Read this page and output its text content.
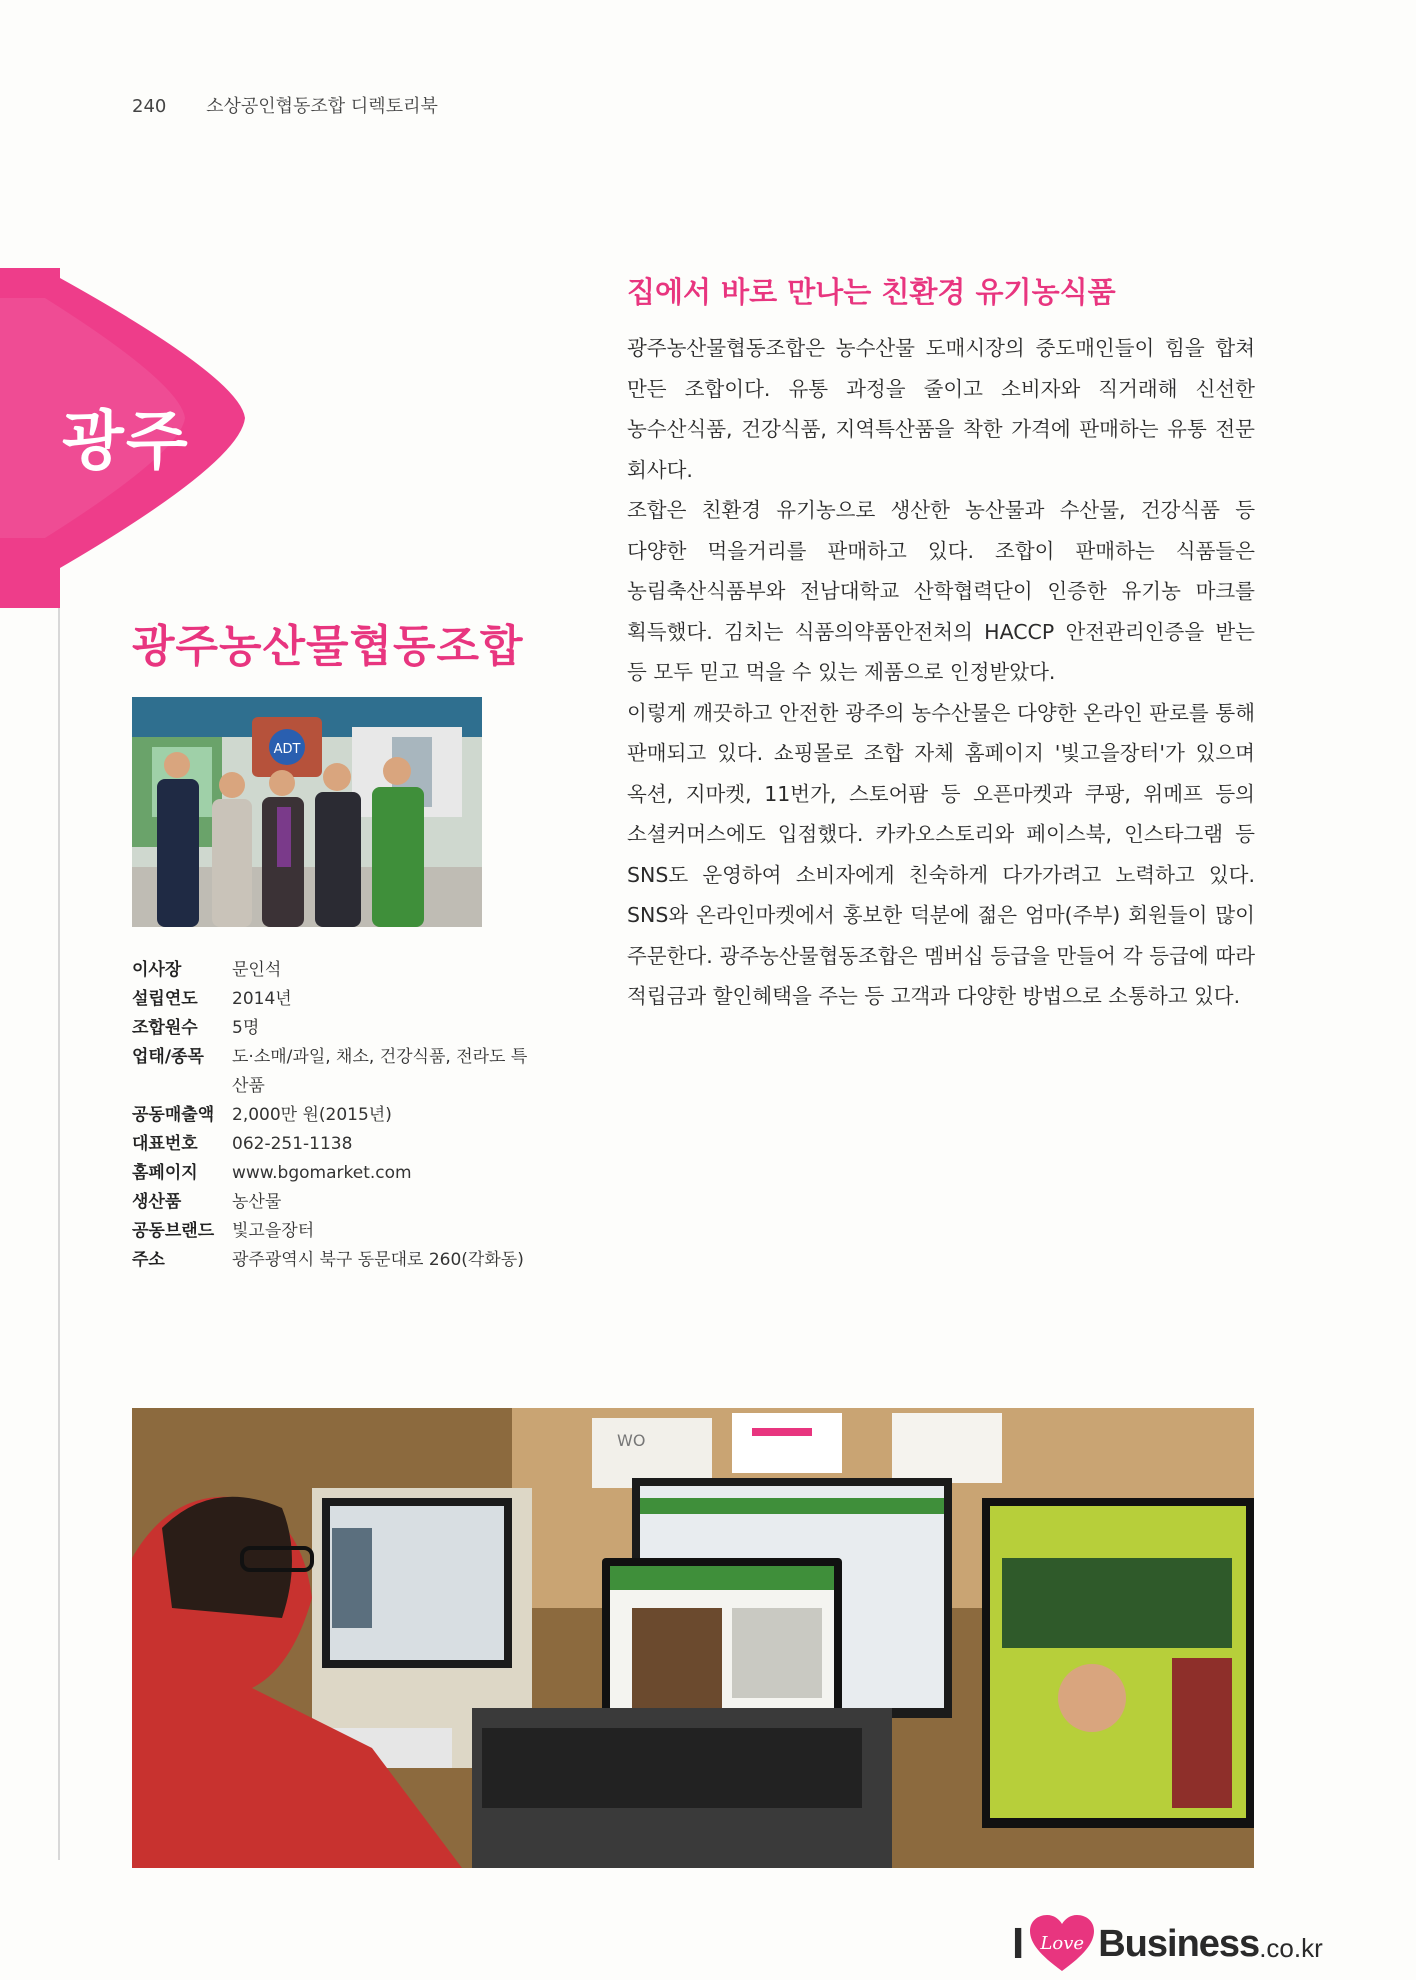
240 소상공인협동조합 디렉토리북
광주
광주농산물협동조합
ADT
이사장	문인석
설립연도	2014년
조합원수	5명
업태/종목	도·소매/과일, 채소, 건강식품, 전라도 특산품
공동매출액	2,000만 원(2015년)
대표번호	062-251-1138
홈페이지	www.bgomarket.com
생산품	농산물
공동브랜드	빛고을장터
주소	광주광역시 북구 동문대로 260(각화동)
집에서 바로 만나는 친환경 유기농식품

광주농산물협동조합은 농수산물 도매시장의 중도매인들이 힘을 합쳐 만든 조합이다. 유통 과정을 줄이고 소비자와 직거래해 신선한 농수산식품, 건강식품, 지역특산품을 착한 가격에 판매하는 유통 전문 회사다.

조합은 친환경 유기농으로 생산한 농산물과 수산물, 건강식품 등 다양한 먹을거리를 판매하고 있다. 조합이 판매하는 식품들은 농림축산식품부와 전남대학교 산학협력단이 인증한 유기농 마크를 획득했다. 김치는 식품의약품안전처의 HACCP 안전관리인증을 받는 등 모두 믿고 먹을 수 있는 제품으로 인정받았다.

이렇게 깨끗하고 안전한 광주의 농수산물은 다양한 온라인 판로를 통해 판매되고 있다. 쇼핑몰로 조합 자체 홈페이지 '빛고을장터'가 있으며 옥션, 지마켓, 11번가, 스토어팜 등 오픈마켓과 쿠팡, 위메프 등의 소셜커머스에도 입점했다. 카카오스토리와 페이스북, 인스타그램 등 SNS도 운영하여 소비자에게 친숙하게 다가가려고 노력하고 있다. SNS와 온라인마켓에서 홍보한 덕분에 젊은 엄마(주부) 회원들이 많이 주문한다. 광주농산물협동조합은 멤버십 등급을 만들어 각 등급에 따라 적립금과 할인혜택을 주는 등 고객과 다양한 방법으로 소통하고 있다.

WO
I Love Business .co.kr
